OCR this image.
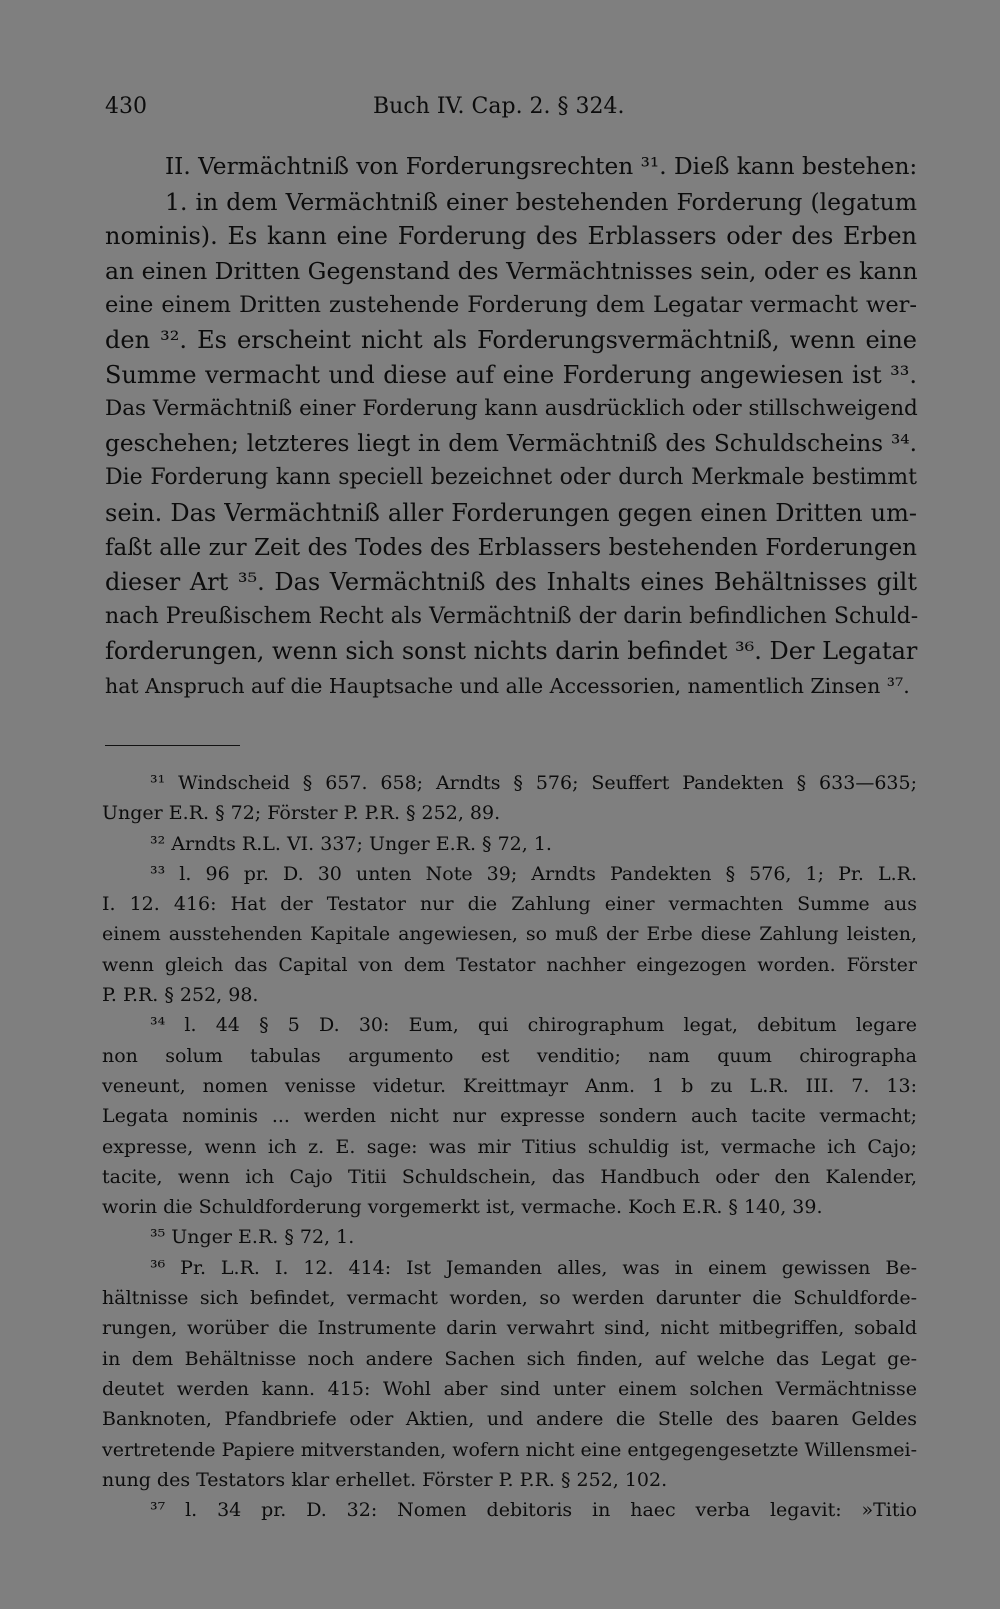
430	Buch IV. Cap. 2. § 324.
II. Vermächtniß von Forderungsrechten ³¹. Dieß kann bestehen:
1. in dem Vermächtniß einer bestehenden Forderung (legatum
nominis). Es kann eine Forderung des Erblassers oder des Erben
an einen Dritten Gegenstand des Vermächtnisses sein, oder es kann
eine einem Dritten zustehende Forderung dem Legatar vermacht wer-
den ³². Es erscheint nicht als Forderungsvermächtniß, wenn eine
Summe vermacht und diese auf eine Forderung angewiesen ist ³³.
Das Vermächtniß einer Forderung kann ausdrücklich oder stillschweigend
geschehen; letzteres liegt in dem Vermächtniß des Schuldscheins ³⁴.
Die Forderung kann speciell bezeichnet oder durch Merkmale bestimmt
sein. Das Vermächtniß aller Forderungen gegen einen Dritten um-
faßt alle zur Zeit des Todes des Erblassers bestehenden Forderungen
dieser Art ³⁵. Das Vermächtniß des Inhalts eines Behältnisses gilt
nach Preußischem Recht als Vermächtniß der darin befindlichen Schuld-
forderungen, wenn sich sonst nichts darin befindet ³⁶. Der Legatar
hat Anspruch auf die Hauptsache und alle Accessorien, namentlich Zinsen ³⁷.
³¹ Windscheid § 657. 658; Arndts § 576; Seuffert Pandekten § 633—635;
Unger E.R. § 72; Förster P. P.R. § 252, 89.
³² Arndts R.L. VI. 337; Unger E.R. § 72, 1.
³³ l. 96 pr. D. 30 unten Note 39; Arndts Pandekten § 576, 1; Pr. L.R.
I. 12. 416: Hat der Testator nur die Zahlung einer vermachten Summe aus
einem ausstehenden Kapitale angewiesen, so muß der Erbe diese Zahlung leisten,
wenn gleich das Capital von dem Testator nachher eingezogen worden. Förster
P. P.R. § 252, 98.
³⁴ l. 44 § 5 D. 30: Eum, qui chirographum legat, debitum legare
non solum tabulas argumento est venditio; nam quum chirographa
veneunt, nomen venisse videtur. Kreittmayr Anm. 1 b zu L.R. III. 7. 13:
Legata nominis ... werden nicht nur expresse sondern auch tacite vermacht;
expresse, wenn ich z. E. sage: was mir Titius schuldig ist, vermache ich Cajo;
tacite, wenn ich Cajo Titii Schuldschein, das Handbuch oder den Kalender,
worin die Schuldforderung vorgemerkt ist, vermache. Koch E.R. § 140, 39.
³⁵ Unger E.R. § 72, 1.
³⁶ Pr. L.R. I. 12. 414: Ist Jemanden alles, was in einem gewissen Be-
hältnisse sich befindet, vermacht worden, so werden darunter die Schuldforde-
rungen, worüber die Instrumente darin verwahrt sind, nicht mitbegriffen, sobald
in dem Behältnisse noch andere Sachen sich finden, auf welche das Legat ge-
deutet werden kann. 415: Wohl aber sind unter einem solchen Vermächtnisse
Banknoten, Pfandbriefe oder Aktien, und andere die Stelle des baaren Geldes
vertretende Papiere mitverstanden, wofern nicht eine entgegengesetzte Willensmei-
nung des Testators klar erhellet. Förster P. P.R. § 252, 102.
³⁷ l. 34 pr. D. 32: Nomen debitoris in haec verba legavit: »Titio
